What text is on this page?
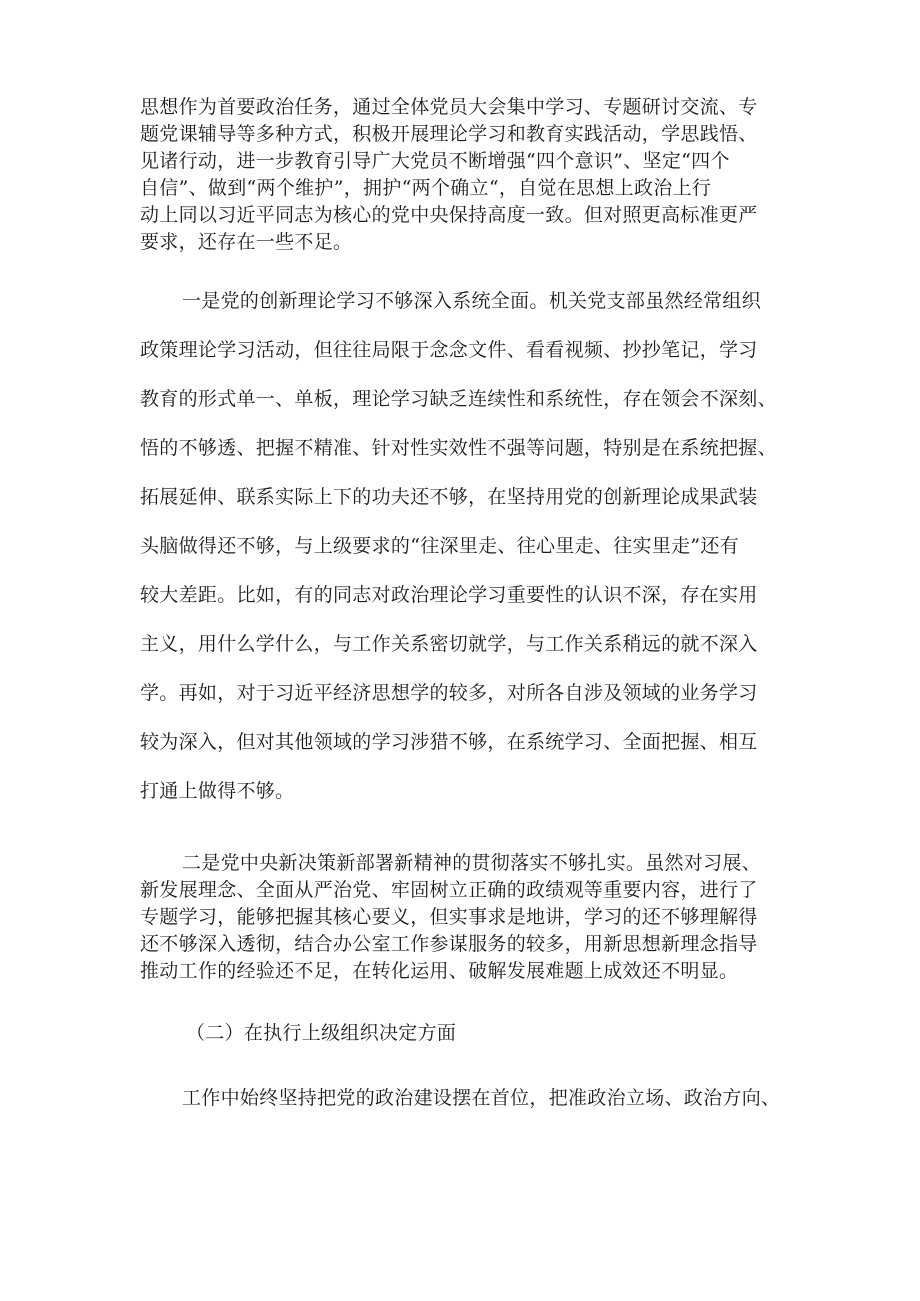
思想作为首要政治任务，通过全体党员大会集中学习、专题研讨交流、专

题党课辅导等多种方式，积极开展理论学习和教育实践活动，学思践悟、

见诸行动，进一步教育引导广大党员不断增强“四个意识”、坚定“四个

自信”、做到“两个维护”，拥护“两个确立“，自觉在思想上政治上行

动上同以习近平同志为核心的党中央保持高度一致。但对照更高标准更严

要求，还存在一些不足。

一是党的创新理论学习不够深入系统全面。机关党支部虽然经常组织

政策理论学习活动，但往往局限于念念文件、看看视频、抄抄笔记，学习

教育的形式单一、单板，理论学习缺乏连续性和系统性，存在领会不深刻、

悟的不够透、把握不精准、针对性实效性不强等问题，特别是在系统把握、

拓展延伸、联系实际上下的功夫还不够，在坚持用党的创新理论成果武装

头脑做得还不够，与上级要求的“往深里走、往心里走、往实里走”还有

较大差距。比如，有的同志对政治理论学习重要性的认识不深，存在实用

主义，用什么学什么，与工作关系密切就学，与工作关系稍远的就不深入

学。再如，对于习近平经济思想学的较多，对所各自涉及领域的业务学习

较为深入，但对其他领域的学习涉猎不够，在系统学习、全面把握、相互

打通上做得不够。

二是党中央新决策新部署新精神的贯彻落实不够扎实。虽然对习展、

新发展理念、全面从严治党、牢固树立正确的政绩观等重要内容，进行了

专题学习，能够把握其核心要义，但实事求是地讲，学习的还不够理解得

还不够深入透彻，结合办公室工作参谋服务的较多，用新思想新理念指导

推动工作的经验还不足，在转化运用、破解发展难题上成效还不明显。

（二）在执行上级组织决定方面

工作中始终坚持把党的政治建设摆在首位，把准政治立场、政治方向、
